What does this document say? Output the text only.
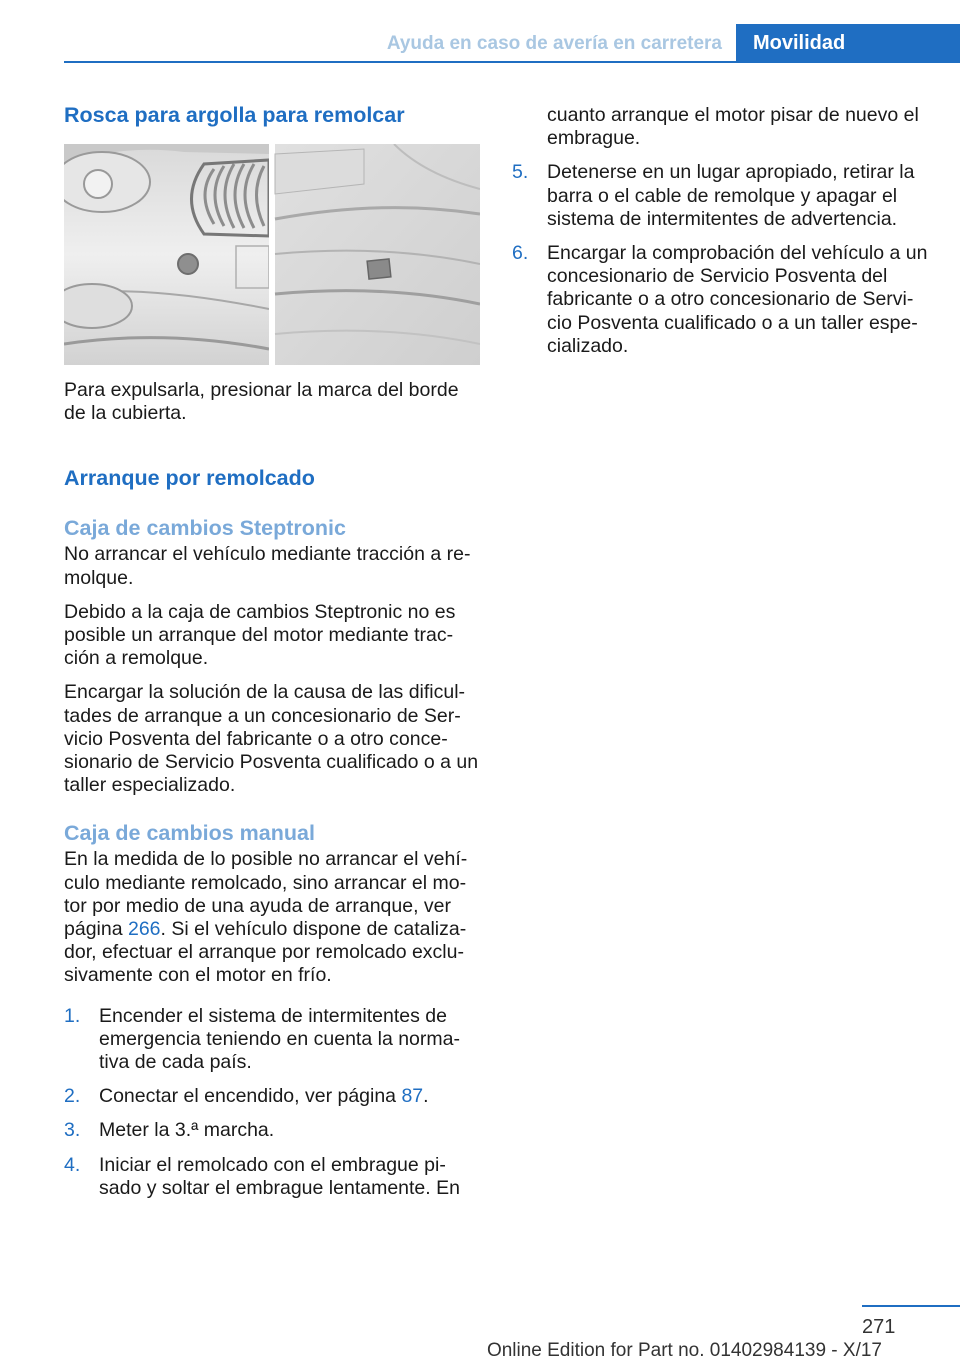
Ayuda en caso de avería en carretera	Movilidad
Rosca para argolla para remolcar

Para expulsarla, presionar la marca del borde de la cubierta.

Arranque por remolcado
Caja de cambios Steptronic

No arrancar el vehículo mediante tracción a re‐molque.

Debido a la caja de cambios Steptronic no es posible un arranque del motor mediante trac‐ción a remolque.

Encargar la solución de la causa de las dificul‐tades de arranque a un concesionario de Ser‐vicio Posventa del fabricante o a otro conce‐sionario de Servicio Posventa cualificado o a un taller especializado.

Caja de cambios manual

En la medida de lo posible no arrancar el vehí‐culo mediante remolcado, sino arrancar el mo‐tor por medio de una ayuda de arranque, ver página 266. Si el vehículo dispone de cataliza‐dor, efectuar el arranque por remolcado exclu‐sivamente con el motor en frío.

1. Encender el sistema de intermitentes de emergencia teniendo en cuenta la norma‐tiva de cada país.
2. Conectar el encendido, ver página 87.
3. Meter la 3.ª marcha.
4. Iniciar el remolcado con el embrague pi‐sado y soltar el embrague lentamente. En

cuanto arranque el motor pisar de nuevo el embrague.

5. Detenerse en un lugar apropiado, retirar la barra o el cable de remolque y apagar el sistema de intermitentes de advertencia.
6. Encargar la comprobación del vehículo a un concesionario de Servicio Posventa del fabricante o a otro concesionario de Servi‐cio Posventa cualificado o a un taller espe‐cializado.
271
Online Edition for Part no. 01402984139 - X/17
